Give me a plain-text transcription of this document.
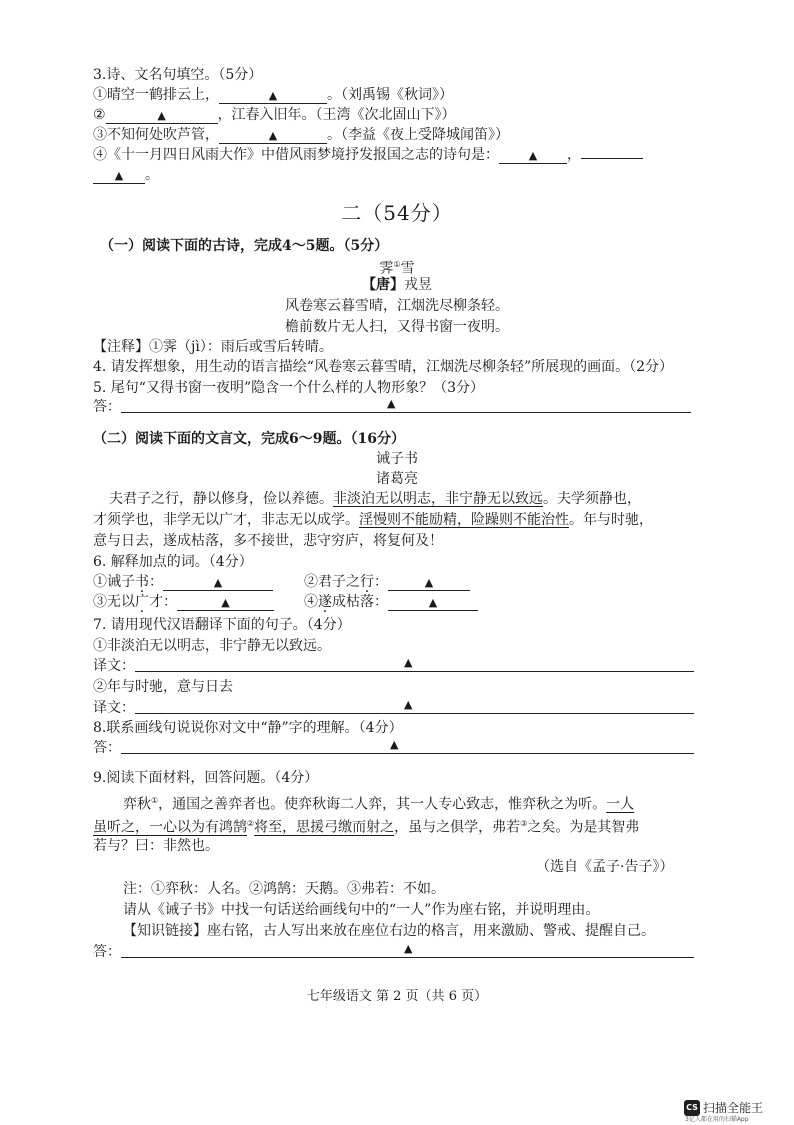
3.诗、文名句填空。（5分）
①晴空一鹤排云上，	▲	。（刘禹锡《秋词》）
②	▲	，江春入旧年。（王湾《次北固山下》）
③不知何处吹芦管，	▲	。（李益《夜上受降城闻笛》）
④《十一月四日风雨大作》中借风雨梦境抒发报国之志的诗句是：	▲ ，
▲ 。
二（54分）
（一）阅读下面的古诗，完成4～5题。（5分）
霁①雪
【唐】戎昱
风卷寒云暮雪晴，江烟洗尽柳条轻。
檐前数片无人扫，又得书窗一夜明。
【注释】①霁（jì）：雨后或雪后转晴。
4. 请发挥想象，用生动的语言描绘“风卷寒云暮雪晴，江烟洗尽柳条轻”所展现的画面。（2分）
5. 尾句“又得书窗一夜明”隐含一个什么样的人物形象？（3分）
答：	▲
（二）阅读下面的文言文，完成6～9题。（16分）
诫子书
诸葛亮
夫君子之行，静以修身，俭以养德。非淡泊无以明志，非宁静无以致远。夫学须静也，
才须学也，非学无以广才，非志无以成学。淫慢则不能励精，险躁则不能治性。年与时驰，
意与日去，遂成枯落，多不接世，悲守穷庐，将复何及！
6. 解释加点的词。（4分）
①诫子书：	▲	②君子之行：	▲
③无以广才：	▲	④遂成枯落：	▲
7. 请用现代汉语翻译下面的句子。（4分）
①非淡泊无以明志，非宁静无以致远。
译文：	▲
②年与时驰，意与日去
译文：	▲
8.联系画线句说说你对文中“静”字的理解。（4分）
答：	▲
9.阅读下面材料，回答问题。（4分）
弈秋①，通国之善弈者也。使弈秋诲二人弈，其一人专心致志，惟弈秋之为听。一人
虽听之，一心以为有鸿鹄②将至，思援弓缴而射之，虽与之俱学，弗若③之矣。为是其智弗
若与？曰：非然也。
（选自《孟子·告子》）
注：①弈秋：人名。②鸿鹄：天鹅。③弗若：不如。
请从《诫子书》中找一句话送给画线句中的“一人”作为座右铭，并说明理由。
【知识链接】座右铭，古人写出来放在座位右边的格言，用来激励、警戒、提醒自己。
答：	▲
七年级语文 第 2 页（共 6 页）
CS 扫描全能王
3亿人都在用的扫描App
